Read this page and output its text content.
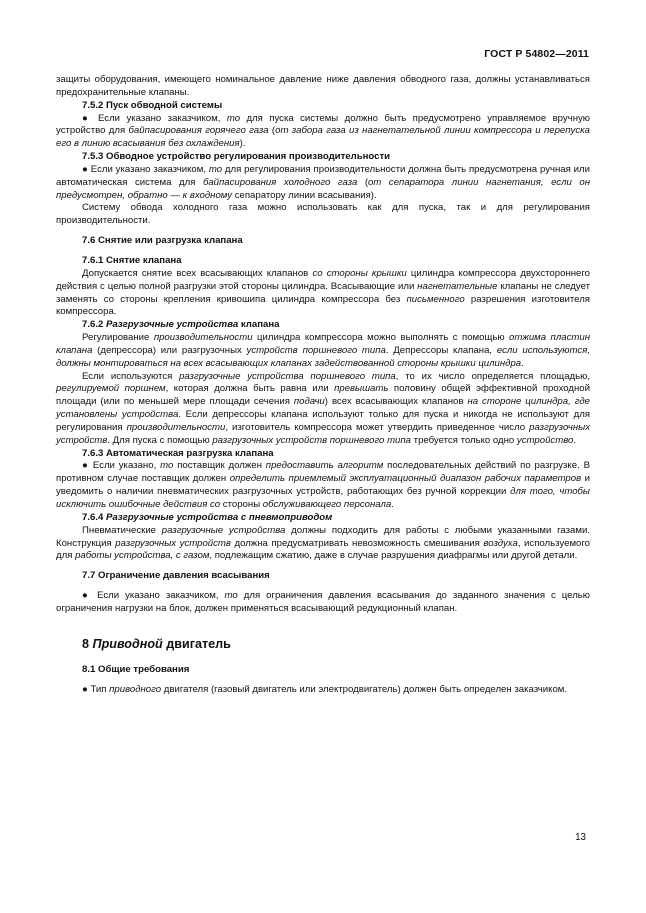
ГОСТ Р 54802—2011
защиты оборудования, имеющего номинальное давление ниже давления обводного газа, должны устанавливаться предохранительные клапаны.
7.5.2 Пуск обводной системы
● Если указано заказчиком, то для пуска системы должно быть предусмотрено управляемое вручную устройство для байпасирования горячего газа (от забора газа из нагнетательной линии компрессора и перепуска его в линию всасывания без охлаждения).
7.5.3 Обводное устройство регулирования производительности
● Если указано заказчиком, то для регулирования производительности должна быть предусмотрена ручная или автоматическая система для байпасирования холодного газа (от сепаратора линии нагнетания, если он предусмотрен, обратно — к входному сепаратору линии всасывания).
Систему обвода холодного газа можно использовать как для пуска, так и для регулирования производительности.
7.6 Снятие или разгрузка клапана
7.6.1 Снятие клапана
Допускается снятие всех всасывающих клапанов со стороны крышки цилиндра компрессора двухстороннего действия с целью полной разгрузки этой стороны цилиндра. Всасывающие или нагнетательные клапаны не следует заменять со стороны крепления кривошипа цилиндра компрессора без письменного разрешения изготовителя компрессора.
7.6.2 Разгрузочные устройства клапана
Регулирование производительности цилиндра компрессора можно выполнять с помощью отжима пластин клапана (депрессора) или разгрузочных устройств поршневого типа. Депрессоры клапана, если используются, должны монтироваться на всех всасывающих клапанах задействованной стороны крышки цилиндра.
Если используются разгрузочные устройства поршневого типа, то их число определяется площадью, регулируемой поршнем, которая должна быть равна или превышать половину общей эффективной проходной площади (или по меньшей мере площади сечения подачи) всех всасывающих клапанов на стороне цилиндра, где установлены устройства. Если депрессоры клапана используют только для пуска и никогда не используют для регулирования производительности, изготовитель компрессора может утвердить приведенное число разгрузочных устройств. Для пуска с помощью разгрузочных устройств поршневого типа требуется только одно устройство.
7.6.3 Автоматическая разгрузка клапана
● Если указано, то поставщик должен предоставить алгоритм последовательных действий по разгрузке. В противном случае поставщик должен определить приемлемый эксплуатационный диапазон рабочих параметров и уведомить о наличии пневматических разгрузочных устройств, работающих без ручной коррекции для того, чтобы исключить ошибочные действия со стороны обслуживающего персонала.
7.6.4 Разгрузочные устройства с пневмоприводом
Пневматические разгрузочные устройства должны подходить для работы с любыми указанными газами. Конструкция разгрузочных устройств должна предусматривать невозможность смешивания воздуха, используемого для работы устройства, с газом, подлежащим сжатию, даже в случае разрушения диафрагмы или другой детали.
7.7 Ограничение давления всасывания
● Если указано заказчиком, то для ограничения давления всасывания до заданного значения с целью ограничения нагрузки на блок, должен применяться всасывающий редукционный клапан.
8 Приводной двигатель
8.1 Общие требования
● Тип приводного двигателя (газовый двигатель или электродвигатель) должен быть определен заказчиком.
13
